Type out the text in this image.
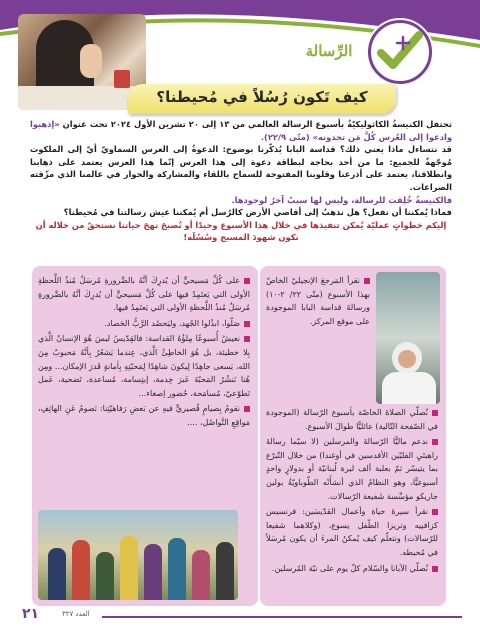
الرِّسالة
كيف تَكون رُسُلاً في مُحيطنا؟

تحتفل الكنيسةُ الكاثوليكيّةُ بأسبوع الرسالة العالمي من ١٣ إلى ٢٠ تشرين الأول ٢٠٢٤ تحت عنوان «إذهبوا وادعوا إلى العُرس كُلَّ مَن تجدونه» (متّى ٢٢/٩).

قد نتساءل ماذا يعني ذلك؟ قداسة البابا يُذكّرنا بوضوح: الدعوةُ إلى العرس السماويّ أيّ إلى الملكوت مُوجّهةٌ للجميع: ما من أحد بحاجة لبطاقة دعوة إلى هذا العرس إنّما هذا العرس يعتمد على ذهابنا وانطلاقنا، يعتمد على أذرعنا وقلوبنا المفتوحة للسماح باللقاء والمشاركة والحوار في عالمنا الذي مزّقته الصراعات.

فالكنيسةُ خُلِقت للرسالة، وليس لها سببٌ آخرُ لوجودها.

فماذا يُمكننا أن نفعل؟ هل نذهبُ إلى أقاصي الأرض كالرُسل أم يُمكننا عيش رسالتنا في مُحيطنا؟

إليكم خطواتٍ عمليّة يُمكن تنفيذها في خلال هذا الأسبوع وحيدًا أو نُصبحَ نهجَ حياتنا نستحقّ من خلاله أن نكون شهودَ المسيح وسُسُلَه!

نقرأ المَرجعَ الإنجيليّ الخاصّ بهذا الأسبوع (متّى ٢٢/ ٢-١٠) ورسالةَ قداسة البابا الموجودة على موقع المركز.
نُصلّي الصلاةَ الخاصّة بأسبوع الرّسالة (الموجودة في الصّفحة التّالية) عائليًّا طوالَ الأسبوع.
ندعم ماليًّا الرّسالةَ والمرسلين (لا سيّما رسالةَ راهبتَيِ الفلبّين الأقدسين في أوغندا) من خلال التّبرّع بما يتيسّر ثمّ بعلبة ألف ليرة لُبنانيّة أو بدولارٍ واحدٍ أسبوعيًّا، وهو النظامُ الذي أنشأَتْه الطّوباويّةُ بولين جاريكو مؤسِّسة شَفيعة الرّسالات.
نقرأ سيرةَ حياة وأعمال القدّيسَين: فرنسيس كزافييه وتريزا الطّفل يسوع، (وكلاهما شفيعا للرّسالات) ونتعلّم كيف يُمكنُ المرءَ أن يكون مُرسَلاً في مُحيطه.
نُصلّي الآبانا والسّلام كلّ يوم على نيّة المُرسلين.
على كُلِّ مَسيحيٍّ أن يُدرِكَ أنَّهُ بالضَّرورةِ مُرسَلٌ مُنذُ اللَّحظةِ الأولى التي يَعتَمِدُ فيها على كُلِّ مَسيحيٍّ أن يُدرِكَ أنَّهُ بالضَّرورةِ مُرسَلٌ مُنذُ اللَّحظةِ الأولى التي يَعتَمِدُ فيها.
صَلّوا، ابذُلوا الجُهد، وليَحصُد الرَّبُّ الحَصاد.
نعيشُ أُسبوعًا مِلؤُهُ القداسة: فالقِدّيسُ ليسَ هُوَ الإنسانُ الَّذي بِلا خطيئة، بل هُوَ الخاطِئُ الَّذي، عِندما يَشعُرُ بِأنَّهُ مَحبوبٌ مِنَ الله، يَسعى جاهِدًا لِيكونَ شاهِدًا لِمَحبّتِهِ بِأمانةٍ قَدرَ الإمكان... ومِن هُنا نَنشُرُ المَحبّةَ عَبرَ خِدمة، إبتِسامة، مُساعدة، تَضحية، عَمل تَطوّعيّ، مُسامَحة، حُضور إصغاء...
نقومُ بِصيامٍ قُصيريٍّ فيهِ عن بَعضِ رَفاهيّتِنا: نَصومُ عَنِ الهاتِفِ، مَواقِعِ التَّواصُل، ....
٢١	العدد ٣٢٧
